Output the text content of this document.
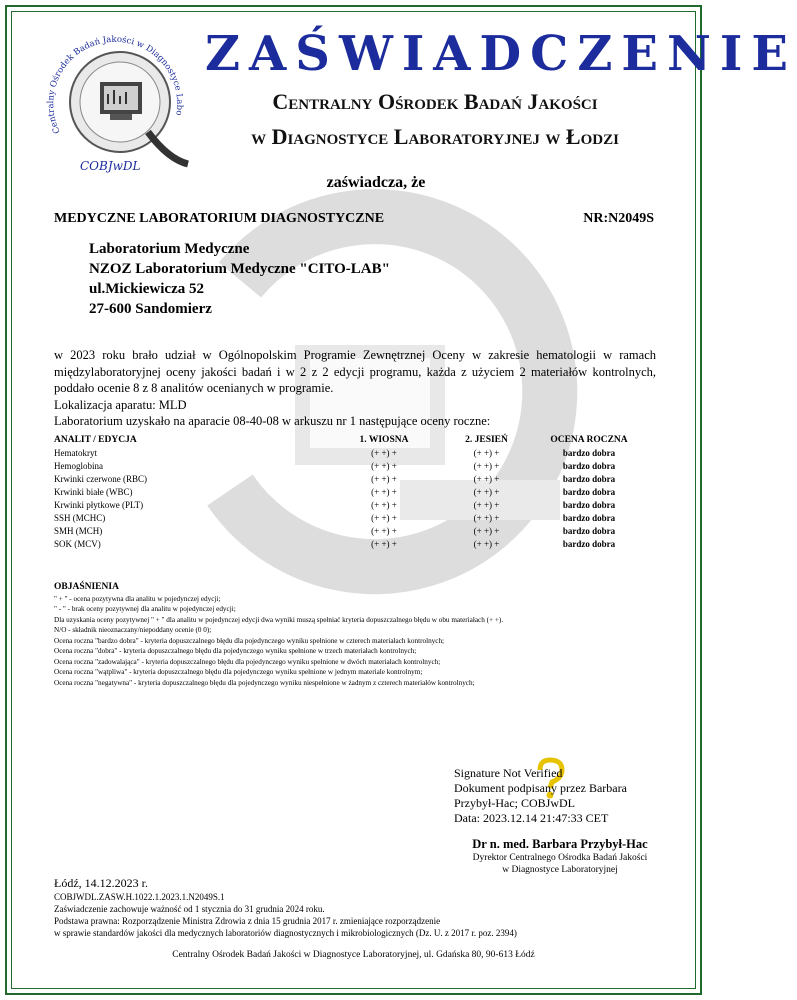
Centralny Ośrodek Badań Jakości w Diagnostyce Labo
COBJwDL
ZAŚWIADCZENIE
Centralny Ośrodek Badań Jakości
w Diagnostyce Laboratoryjnej w Łodzi
zaświadcza, że
MEDYCZNE LABORATORIUM DIAGNOSTYCZNE	NR:N2049S
Laboratorium Medyczne
NZOZ Laboratorium Medyczne "CITO-LAB"
ul.Mickiewicza 52
27-600 Sandomierz
w 2023 roku brało udział w Ogólnopolskim Programie Zewnętrznej Oceny w zakresie hematologii w ramach międzylaboratoryjnej oceny jakości badań i w 2 z 2 edycji programu, każda z użyciem 2 materiałów kontrolnych, poddało ocenie 8 z 8 analitów ocenianych w programie.
Lokalizacja aparatu: MLD
Laboratorium uzyskało na aparacie 08-40-08 w arkuszu nr 1 następujące oceny roczne:
ANALIT / EDYCJA	1. WIOSNA	2. JESIEŃ	OCENA ROCZNA
Hematokryt	(+ +) +	(+ +) +	bardzo dobra
Hemoglobina	(+ +) +	(+ +) +	bardzo dobra
Krwinki czerwone (RBC)	(+ +) +	(+ +) +	bardzo dobra
Krwinki białe (WBC)	(+ +) +	(+ +) +	bardzo dobra
Krwinki płytkowe (PLT)	(+ +) +	(+ +) +	bardzo dobra
SSH (MCHC)	(+ +) +	(+ +) +	bardzo dobra
SMH (MCH)	(+ +) +	(+ +) +	bardzo dobra
SOK (MCV)	(+ +) +	(+ +) +	bardzo dobra
OBJAŚNIENIA
" + " - ocena pozytywna dla analitu w pojedynczej edycji;
" - " - brak oceny pozytywnej dla analitu w pojedynczej edycji;
Dla uzyskania oceny pozytywnej " + " dla analitu w pojedynczej edycji dwa wyniki muszą spełniać kryteria dopuszczalnego błędu w obu materiałach (+ +).
N/O - składnik nieoznaczany/niepoddany ocenie (0 0);
Ocena roczna "bardzo dobra" - kryteria dopuszczalnego błędu dla pojedynczego wyniku spełnione w czterech materiałach kontrolnych;
Ocena roczna "dobra" - kryteria dopuszczalnego błędu dla pojedynczego wyniku spełnione w trzech materiałach kontrolnych;
Ocena roczna "zadowalająca" - kryteria dopuszczalnego błędu dla pojedynczego wyniku spełnione w dwóch materiałach kontrolnych;
Ocena roczna "wątpliwa" - kryteria dopuszczalnego błędu dla pojedynczego wyniku spełnione w jednym materiale kontrolnym;
Ocena roczna "negatywna" - kryteria dopuszczalnego błędu dla pojedynczego wyniku niespełnione w żadnym z czterech materiałów kontrolnych;
Signature Not Verified
Dokument podpisany przez Barbara
Przybył-Hac; COBJwDL
Data: 2023.12.14 21:47:33 CET
Dr n. med. Barbara Przybył-Hac
Dyrektor Centralnego Ośrodka Badań Jakości
w Diagnostyce Laboratoryjnej
Łódź, 14.12.2023 r.
COBJWDL.ZASW.H.1022.1.2023.1.N2049S.1
Zaświadczenie zachowuje ważność od 1 stycznia do 31 grudnia 2024 roku.
Podstawa prawna: Rozporządzenie Ministra Zdrowia z dnia 15 grudnia 2017 r. zmieniające rozporządzenie
w sprawie standardów jakości dla medycznych laboratoriów diagnostycznych i mikrobiologicznych (Dz. U. z 2017 r. poz. 2394)
Centralny Ośrodek Badań Jakości w Diagnostyce Laboratoryjnej, ul. Gdańska 80, 90-613 Łódź
